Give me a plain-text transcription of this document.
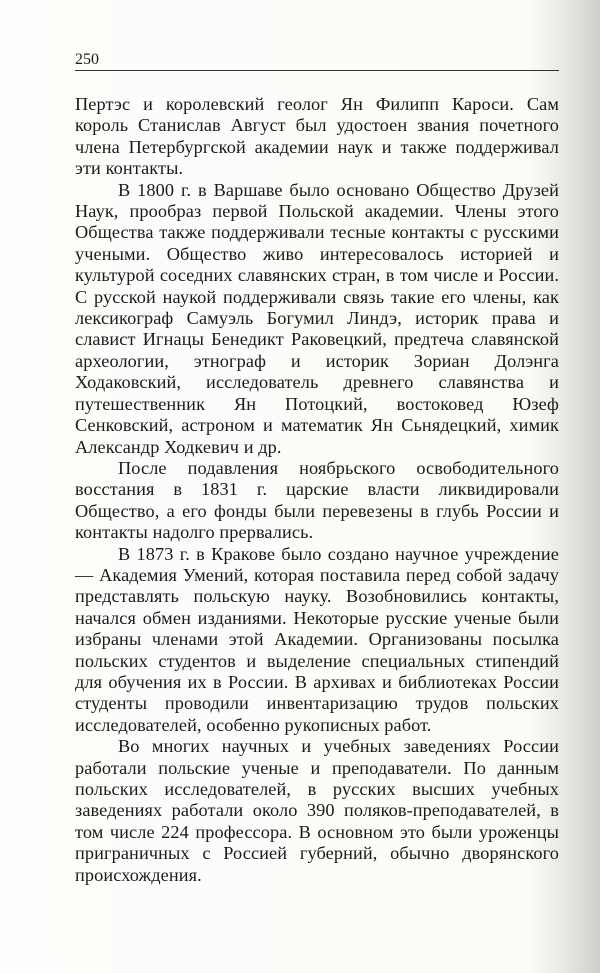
250

Пертэс и королевский геолог Ян Филипп Кароси. Сам король Станислав Август был удостоен звания почетного члена Петербургской академии наук и также поддерживал эти контакты.

В 1800 г. в Варшаве было основано Общество Друзей Наук, прообраз первой Польской академии. Члены этого Общества также поддерживали тесные контакты с русскими учеными. Общество живо интересовалось историей и культурой соседних славянских стран, в том числе и России. С русской наукой поддерживали связь такие его члены, как лексикограф Самуэль Богумил Линдэ, историк права и славист Игнацы Бенедикт Раковецкий, предтеча славянской археологии, этнограф и историк Зориан Долэнга Ходаковский, исследователь древнего славянства и путешественник Ян Потоцкий, востоковед Юзеф Сенковский, астроном и математик Ян Сьнядецкий, химик Александр Ходкевич и др.

После подавления ноябрьского освободительного восстания в 1831 г. царские власти ликвидировали Общество, а его фонды были перевезены в глубь России и контакты надолго прервались.

В 1873 г. в Кракове было создано научное учреждение — Академия Умений, которая поставила перед собой задачу представлять польскую науку. Возобновились контакты, начался обмен изданиями. Некоторые русские ученые были избраны членами этой Академии. Организованы посылка польских студентов и выделение специальных стипендий для обучения их в России. В архивах и библиотеках России студенты проводили инвентаризацию трудов польских исследователей, особенно рукописных работ.

Во многих научных и учебных заведениях России работали польские ученые и преподаватели. По данным польских исследователей, в русских высших учебных заведениях работали около 390 поляков-преподавателей, в том числе 224 профессора. В основном это были уроженцы приграничных с Россией губерний, обычно дворянского происхождения.
